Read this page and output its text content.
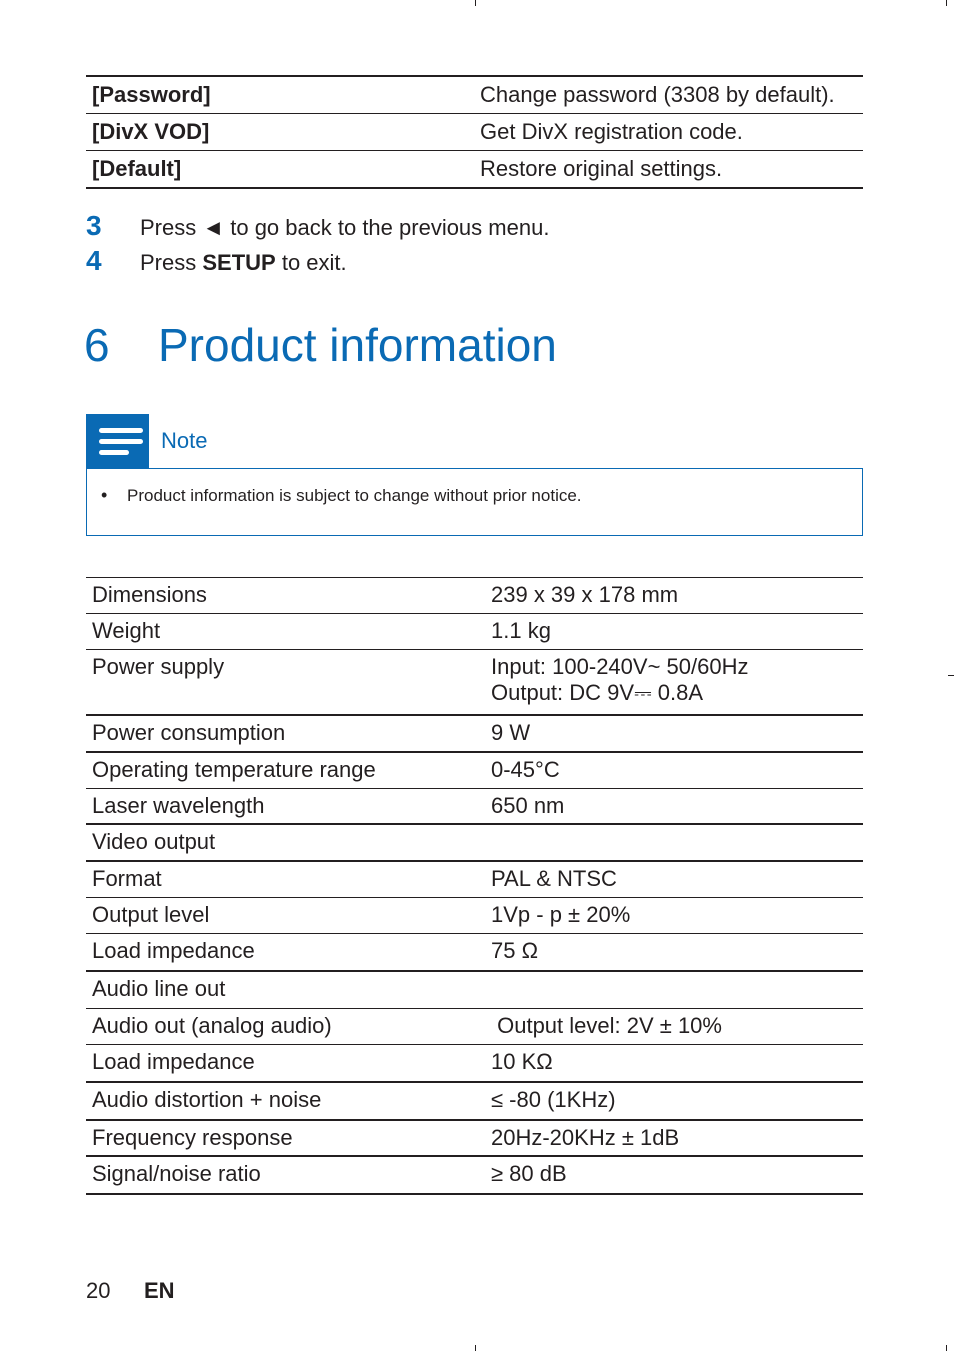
[Password]	Change password (3308 by default).
[DivX VOD]	Get DivX registration code.
[Default]	Restore original settings.
3	Press ◄ to go back to the previous menu.
4	Press SETUP to exit.
6 Product information
Note
•	Product information is subject to change without prior notice.
Dimensions	239 x 39 x 178 mm
Weight	1.1 kg
Power supply	Input: 100-240V~ 50/60Hz
Output: DC 9V⎓ 0.8A
Power consumption	9 W
Operating temperature range	0-45°C
Laser wavelength	650 nm
Video output
Format	PAL & NTSC
Output level	1Vp - p ± 20%
Load impedance	75 Ω
Audio line out
Audio out (analog audio)	Output level: 2V ± 10%
Load impedance	10 KΩ
Audio distortion + noise	≤ -80 (1KHz)
Frequency response	20Hz-20KHz ± 1dB
Signal/noise ratio	≥ 80 dB
20	EN
